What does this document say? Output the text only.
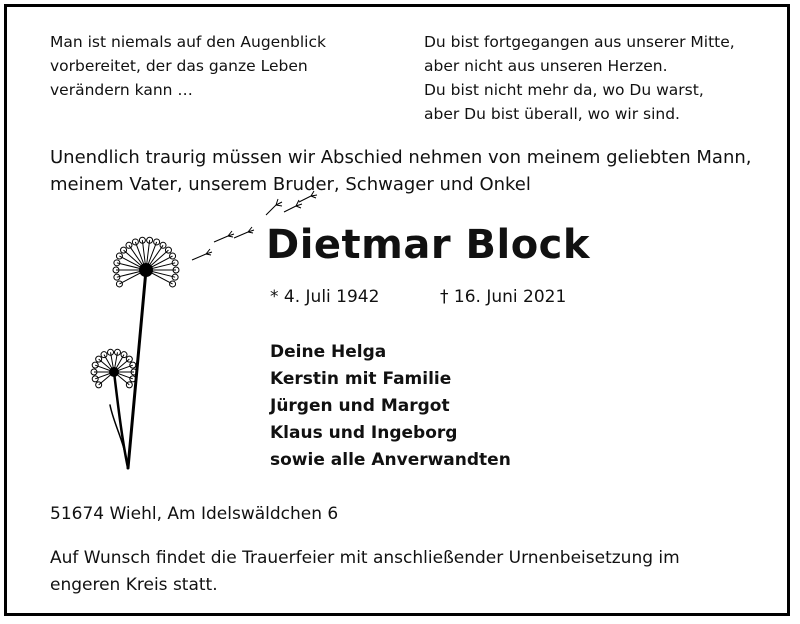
Man ist niemals auf den Augenblick
vorbereitet, der das ganze Leben
verändern kann …
Du bist fortgegangen aus unserer Mitte,
aber nicht aus unseren Herzen.
Du bist nicht mehr da, wo Du warst,
aber Du bist überall, wo wir sind.
Unendlich traurig müssen wir Abschied nehmen von meinem geliebten Mann,
meinem Vater, unserem Bruder, Schwager und Onkel
Dietmar Block
* 4. Juli 1942	† 16. Juni 2021
Deine Helga
Kerstin mit Familie
Jürgen und Margot
Klaus und Ingeborg
sowie alle Anverwandten
51674 Wiehl, Am Idelswäldchen 6
Auf Wunsch findet die Trauerfeier mit anschließender Urnenbeisetzung im
engeren Kreis statt.
